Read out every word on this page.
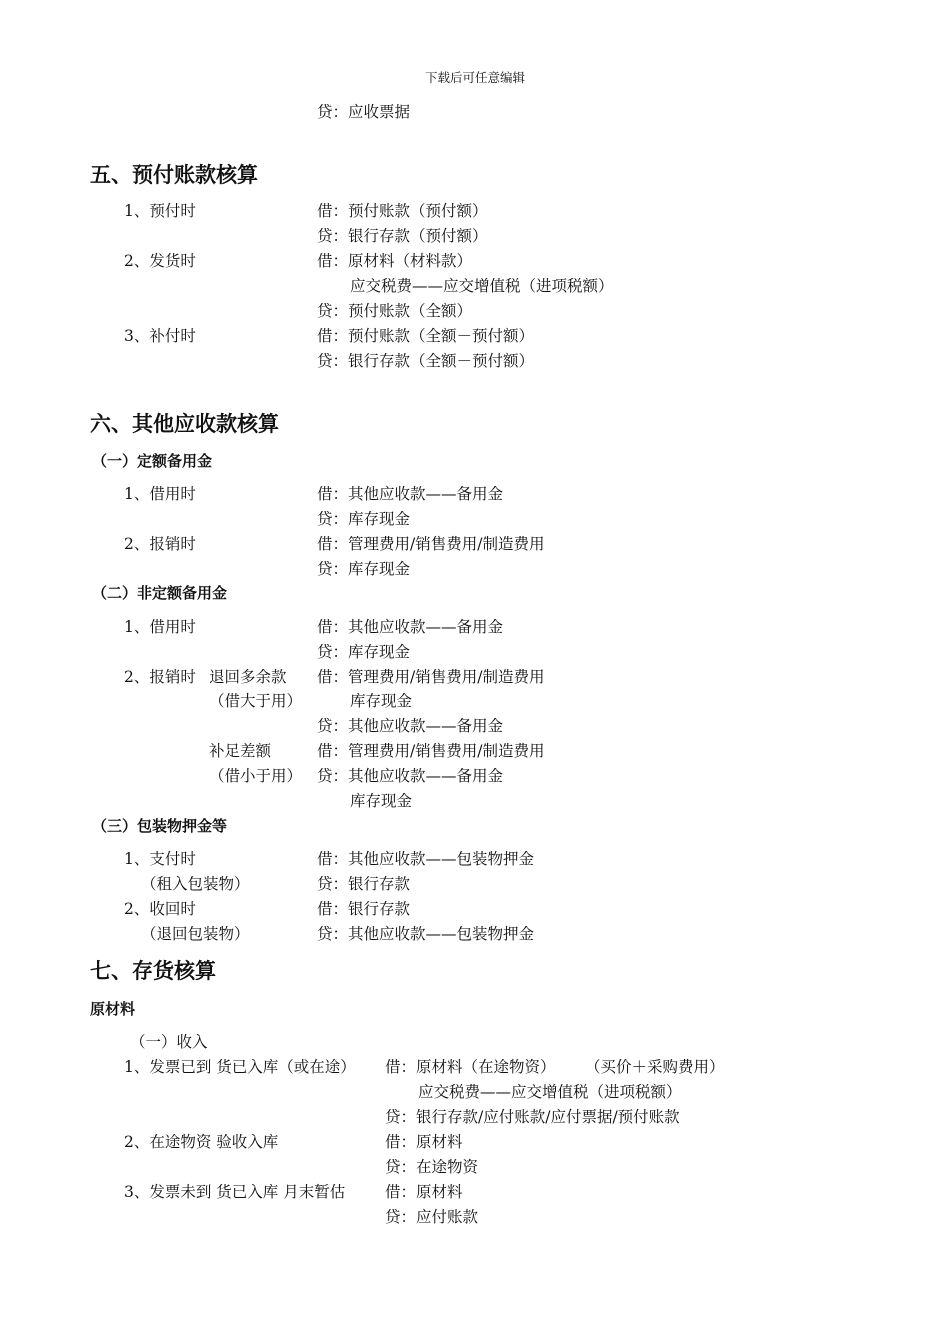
下载后可任意编辑
贷：应收票据
五、预付账款核算
1、预付时	借：预付账款（预付额）
贷：银行存款（预付额）
2、发货时	借：原材料（材料款）
应交税费——应交增值税（进项税额）
贷：预付账款（全额）
3、补付时	借：预付账款（全额－预付额）
贷：银行存款（全额－预付额）
六、其他应收款核算
（一）定额备用金
1、借用时	借：其他应收款——备用金
贷：库存现金
2、报销时	借：管理费用/销售费用/制造费用
贷：库存现金
（二）非定额备用金
1、借用时	借：其他应收款——备用金
贷：库存现金
2、报销时 退回多余款 借：管理费用/销售费用/制造费用
（借大于用）	库存现金
贷：其他应收款——备用金
补足差额	借：管理费用/销售费用/制造费用
（借小于用） 贷：其他应收款——备用金
库存现金
（三）包装物押金等
1、支付时	借：其他应收款——包装物押金
（租入包装物）	贷：银行存款
2、收回时	借：银行存款
（退回包装物）	贷：其他应收款——包装物押金
七、存货核算
原材料
（一）收入
1、发票已到 货已入库（或在途） 借：原材料（在途物资） （买价＋采购费用）
应交税费——应交增值税（进项税额）
贷：银行存款/应付账款/应付票据/预付账款
2、在途物资 验收入库	借：原材料
贷：在途物资
3、发票未到 货已入库 月末暂估	借：原材料
贷：应付账款
